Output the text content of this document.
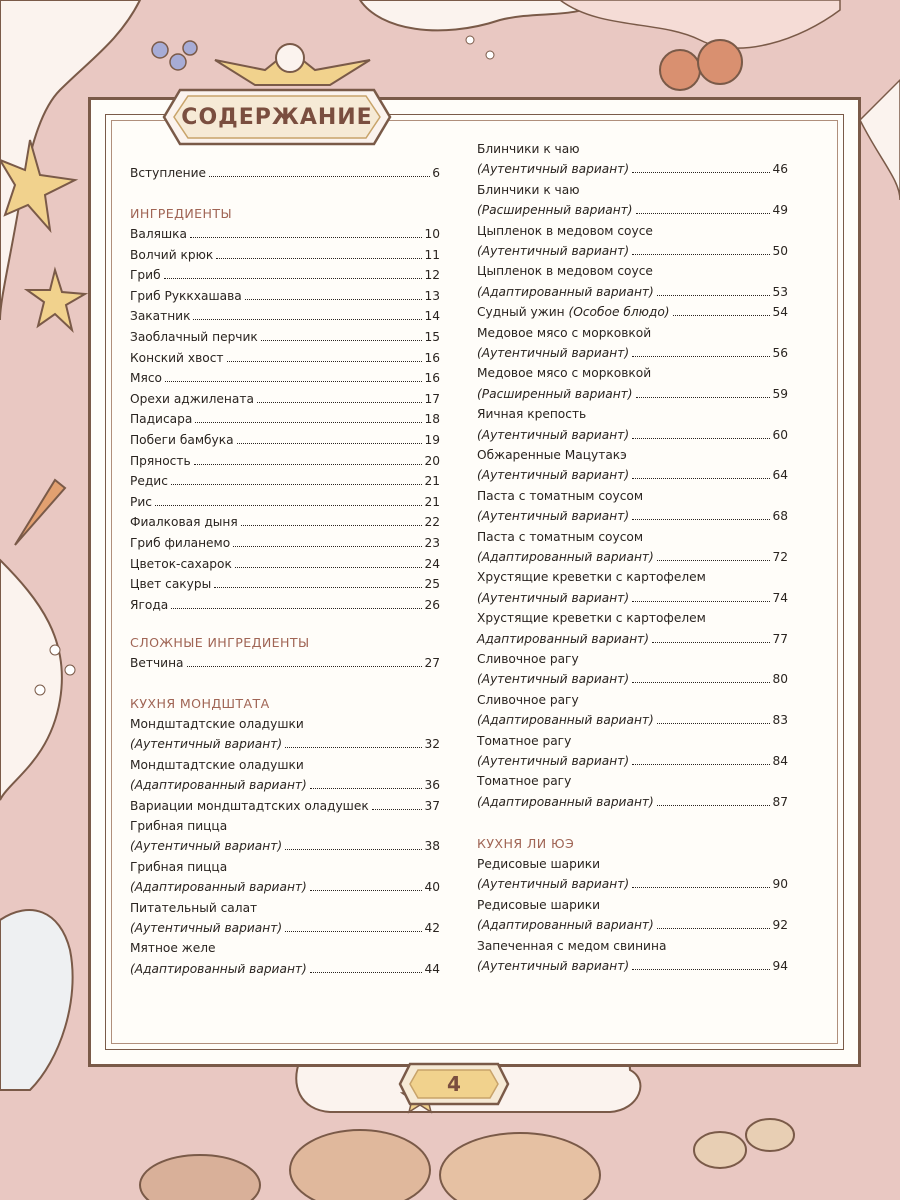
СОДЕРЖАНИЕ
Вступление	6
ИНГРЕДИЕНТЫ
Валяшка	10
Волчий крюк	11
Гриб	12
Гриб Руккхашава	13
Закатник	14
Заоблачный перчик	15
Конский хвост	16
Мясо	16
Орехи аджилената	17
Падисара	18
Побеги бамбука	19
Пряность	20
Редис	21
Рис	21
Фиалковая дыня	22
Гриб филанемо	23
Цветок-сахарок	24
Цвет сакуры	25
Ягода	26
СЛОЖНЫЕ ИНГРЕДИЕНТЫ
Ветчина	27
КУХНЯ МОНДШТАТА
Мондштадтские оладушки
(Аутентичный вариант)	32
Мондштадтские оладушки
(Адаптированный вариант)	36
Вариации мондштадтских оладушек	37
Грибная пицца
(Аутентичный вариант)	38
Грибная пицца
(Адаптированный вариант)	40
Питательный салат
(Аутентичный вариант)	42
Мятное желе
(Адаптированный вариант)	44
Блинчики к чаю
(Аутентичный вариант)	46
Блинчики к чаю
(Расширенный вариант)	49
Цыпленок в медовом соусе
(Аутентичный вариант)	50
Цыпленок в медовом соусе
(Адаптированный вариант)	53
Судный ужин (Особое блюдо)	54
Медовое мясо с морковкой
(Аутентичный вариант)	56
Медовое мясо с морковкой
(Расширенный вариант)	59
Яичная крепость
(Аутентичный вариант)	60
Обжаренные Мацутакэ
(Аутентичный вариант)	64
Паста с томатным соусом
(Аутентичный вариант)	68
Паста с томатным соусом
(Адаптированный вариант)	72
Хрустящие креветки с картофелем
(Аутентичный вариант)	74
Хрустящие креветки с картофелем
Адаптированный вариант)	77
Сливочное рагу
(Аутентичный вариант)	80
Сливочное рагу
(Адаптированный вариант)	83
Томатное рагу
(Аутентичный вариант)	84
Томатное рагу
(Адаптированный вариант)	87
КУХНЯ ЛИ ЮЭ
Редисовые шарики
(Аутентичный вариант)	90
Редисовые шарики
(Адаптированный вариант)	92
Запеченная с медом свинина
(Аутентичный вариант)	94
4
